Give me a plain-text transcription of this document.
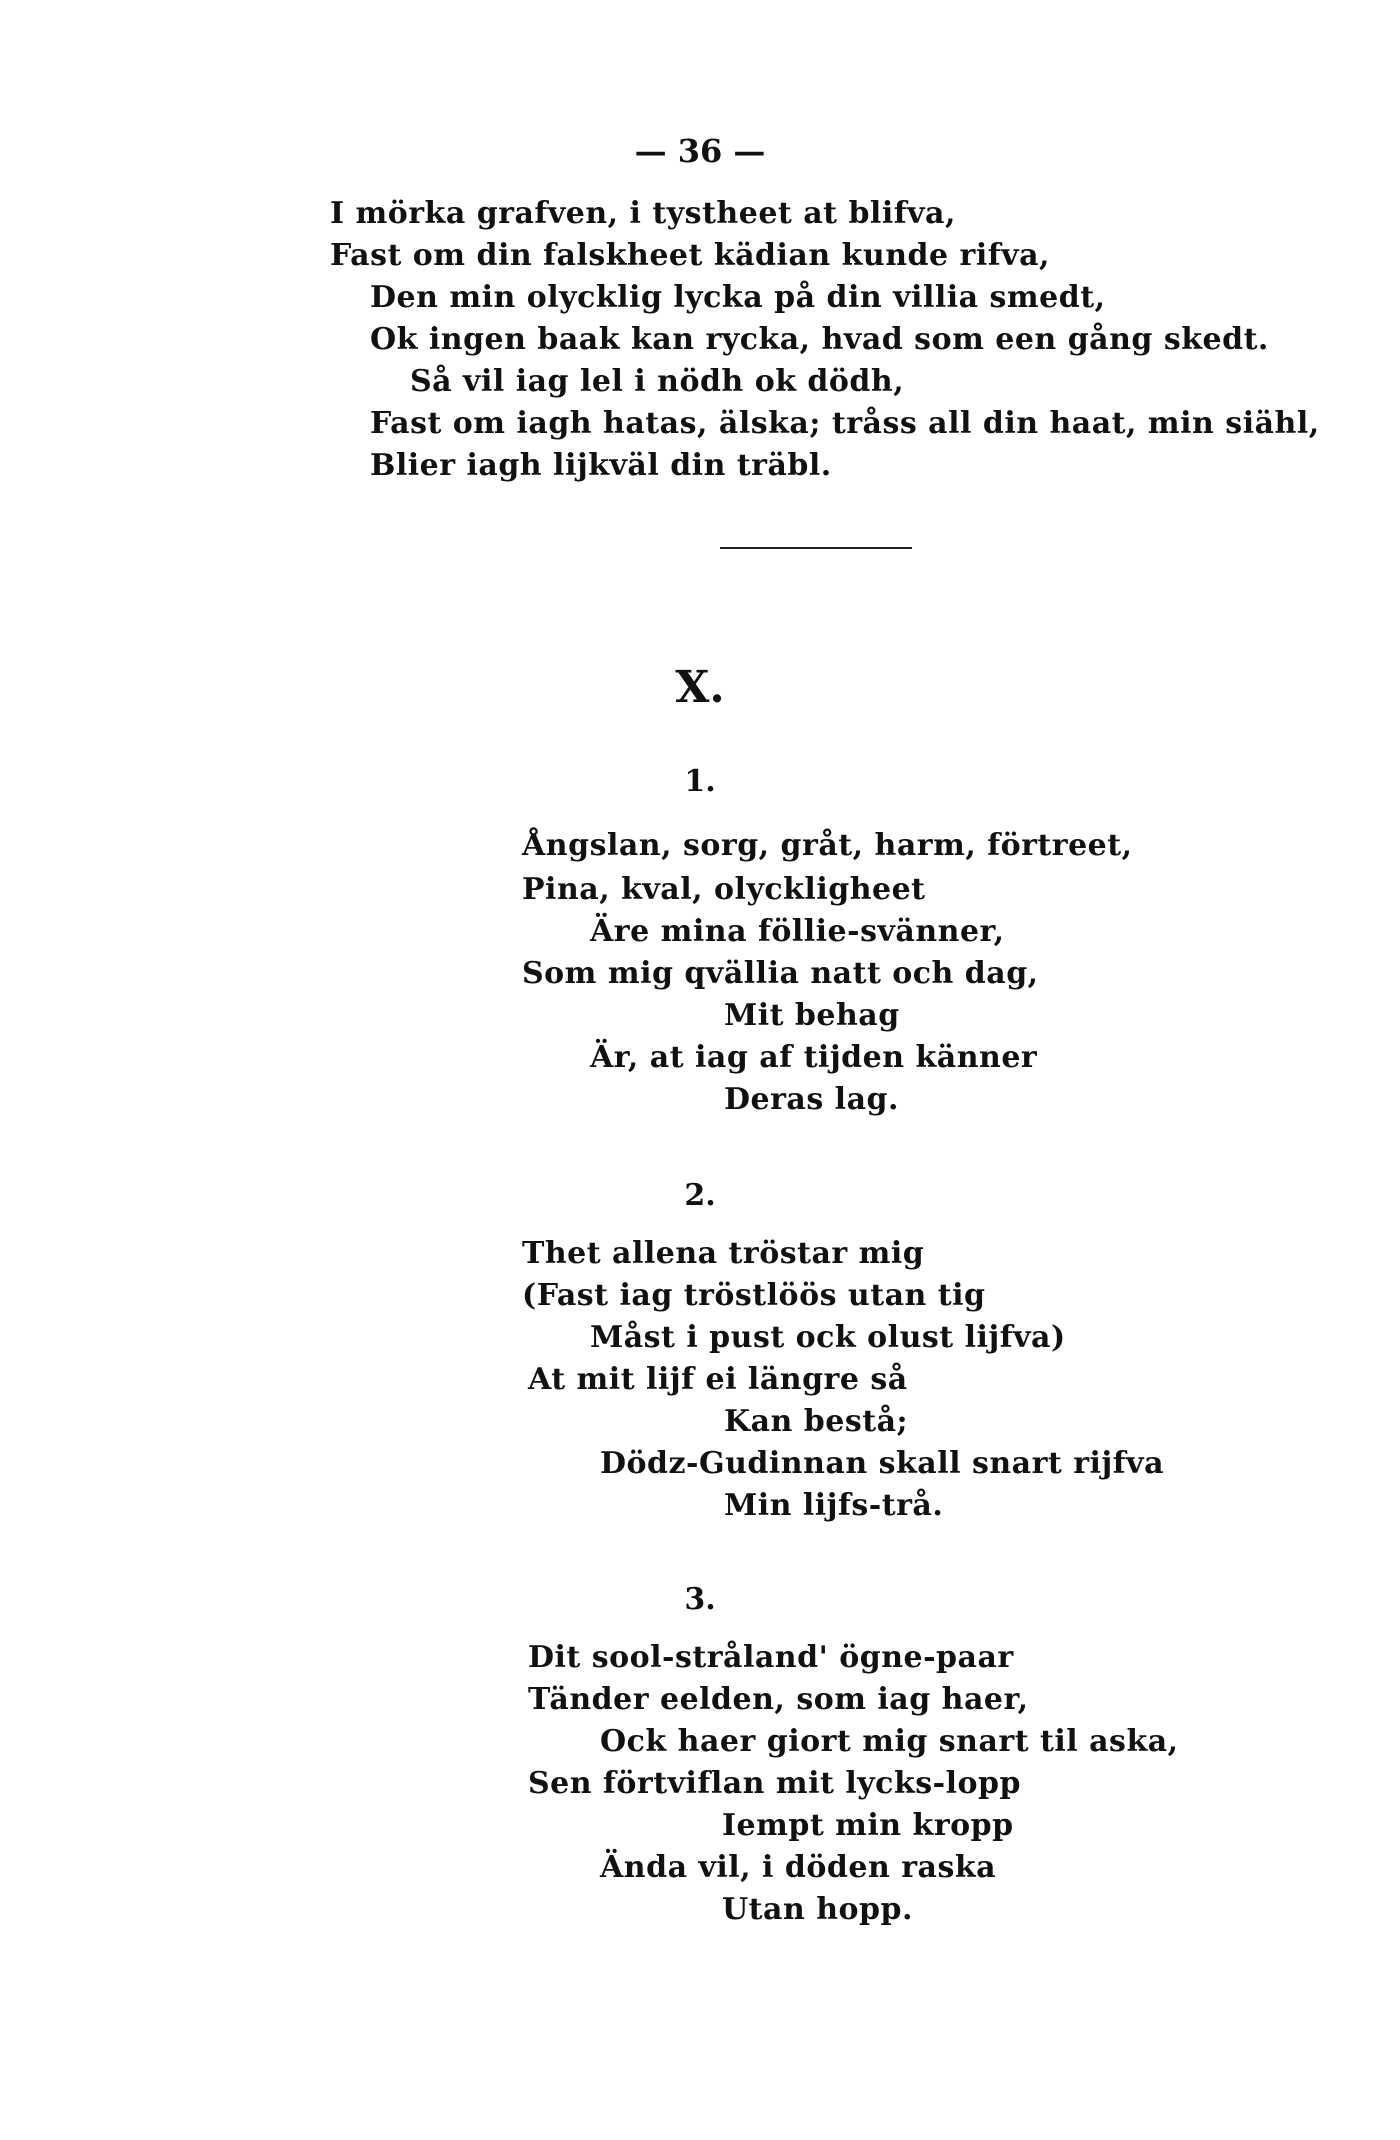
— 36 —
I mörka grafven, i tystheet at blifva,
Fast om din falskheet kädian kunde rifva,
Den min olycklig lycka på din villia smedt,
Ok ingen baak kan rycka, hvad som een gång skedt.
Så vil iag lel i nödh ok dödh,
Fast om iagh hatas, älska; tråss all din haat, min siähl,
Blier iagh lijkväl din träbl.
X.
1.
Ångslan, sorg, gråt, harm, förtreet,
Pina, kval, olyckligheet
Äre mina föllie-svänner,
Som mig qvällia natt och dag,
Mit behag
Är, at iag af tijden känner
Deras lag.
2.
Thet allena tröstar mig
(Fast iag tröstlöös utan tig
Måst i pust ock olust lijfva)
At mit lijf ei längre så
Kan bestå;
Dödz-Gudinnan skall snart rijfva
Min lijfs-trå.
3.
Dit sool-stråland' ögne-paar
Tänder eelden, som iag haer,
Ock haer giort mig snart til aska,
Sen förtviflan mit lycks-lopp
Iempt min kropp
Ända vil, i döden raska
Utan hopp.
